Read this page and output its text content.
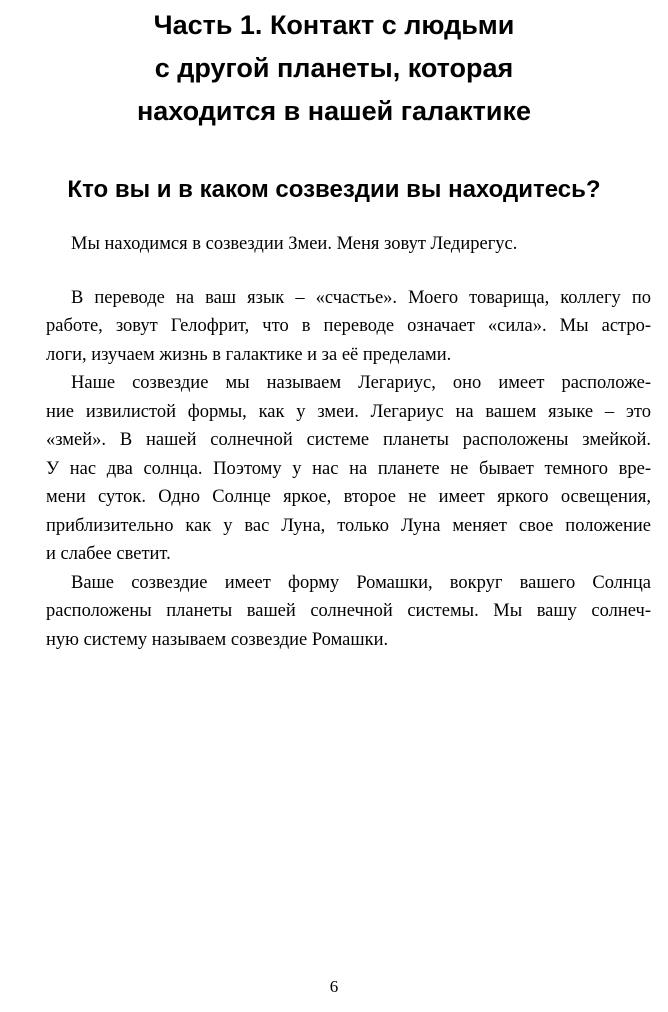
Часть 1. Контакт с людьми
с другой планеты, которая
находится в нашей галактике
Кто вы и в каком созвездии вы находитесь?
Мы находимся в созвездии Змеи. Меня зовут Ледирегус.
В переводе на ваш язык – «счастье». Моего товарища, коллегу по
работе, зовут Гелофрит, что в переводе означает «сила». Мы астро-
логи, изучаем жизнь в галактике и за её пределами.
Наше созвездие мы называем Легариус, оно имеет расположе-
ние извилистой формы, как у змеи. Легариус на вашем языке – это
«змей». В нашей солнечной системе планеты расположены змейкой.
У нас два солнца. Поэтому у нас на планете не бывает темного вре-
мени суток. Одно Солнце яркое, второе не имеет яркого освещения,
приблизительно как у вас Луна, только Луна меняет свое положение
и слабее светит.
Ваше созвездие имеет форму Ромашки, вокруг вашего Солнца
расположены планеты вашей солнечной системы. Мы вашу солнеч-
ную систему называем созвездие Ромашки.
6
